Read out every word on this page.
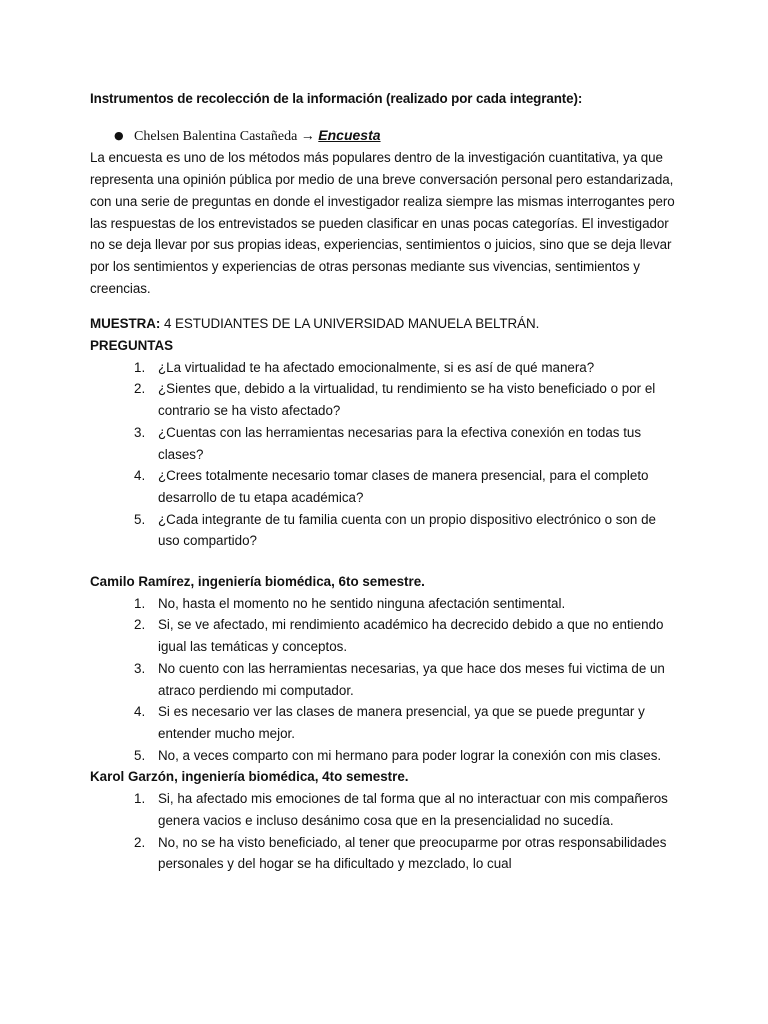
Instrumentos de recolección de la información (realizado por cada integrante):

● Chelsen Balentina Castañeda → Encuesta

La encuesta es uno de los métodos más populares dentro de la investigación cuantitativa, ya que representa una opinión pública por medio de una breve conversación personal pero estandarizada, con una serie de preguntas en donde el investigador realiza siempre las mismas interrogantes pero las respuestas de los entrevistados se pueden clasificar en unas pocas categorías. El investigador no se deja llevar por sus propias ideas, experiencias, sentimientos o juicios, sino que se deja llevar por los sentimientos y experiencias de otras personas mediante sus vivencias, sentimientos y creencias.

MUESTRA: 4 ESTUDIANTES DE LA UNIVERSIDAD MANUELA BELTRÁN.

PREGUNTAS

1. ¿La virtualidad te ha afectado emocionalmente, si es así de qué manera?
2. ¿Sientes que, debido a la virtualidad, tu rendimiento se ha visto beneficiado o por el contrario se ha visto afectado?
3. ¿Cuentas con las herramientas necesarias para la efectiva conexión en todas tus clases?
4. ¿Crees totalmente necesario tomar clases de manera presencial, para el completo desarrollo de tu etapa académica?
5. ¿Cada integrante de tu familia cuenta con un propio dispositivo electrónico o son de uso compartido?

Camilo Ramírez, ingeniería biomédica, 6to semestre.

1. No, hasta el momento no he sentido ninguna afectación sentimental.
2. Si, se ve afectado, mi rendimiento académico ha decrecido debido a que no entiendo igual las temáticas y conceptos.
3. No cuento con las herramientas necesarias, ya que hace dos meses fui victima de un atraco perdiendo mi computador.
4. Si es necesario ver las clases de manera presencial, ya que se puede preguntar y entender mucho mejor.
5. No, a veces comparto con mi hermano para poder lograr la conexión con mis clases.

Karol Garzón, ingeniería biomédica, 4to semestre.

1. Si, ha afectado mis emociones de tal forma que al no interactuar con mis compañeros genera vacios e incluso desánimo cosa que en la presencialidad no sucedía.
2. No, no se ha visto beneficiado, al tener que preocuparme por otras responsabilidades personales y del hogar se ha dificultado y mezclado, lo cual
